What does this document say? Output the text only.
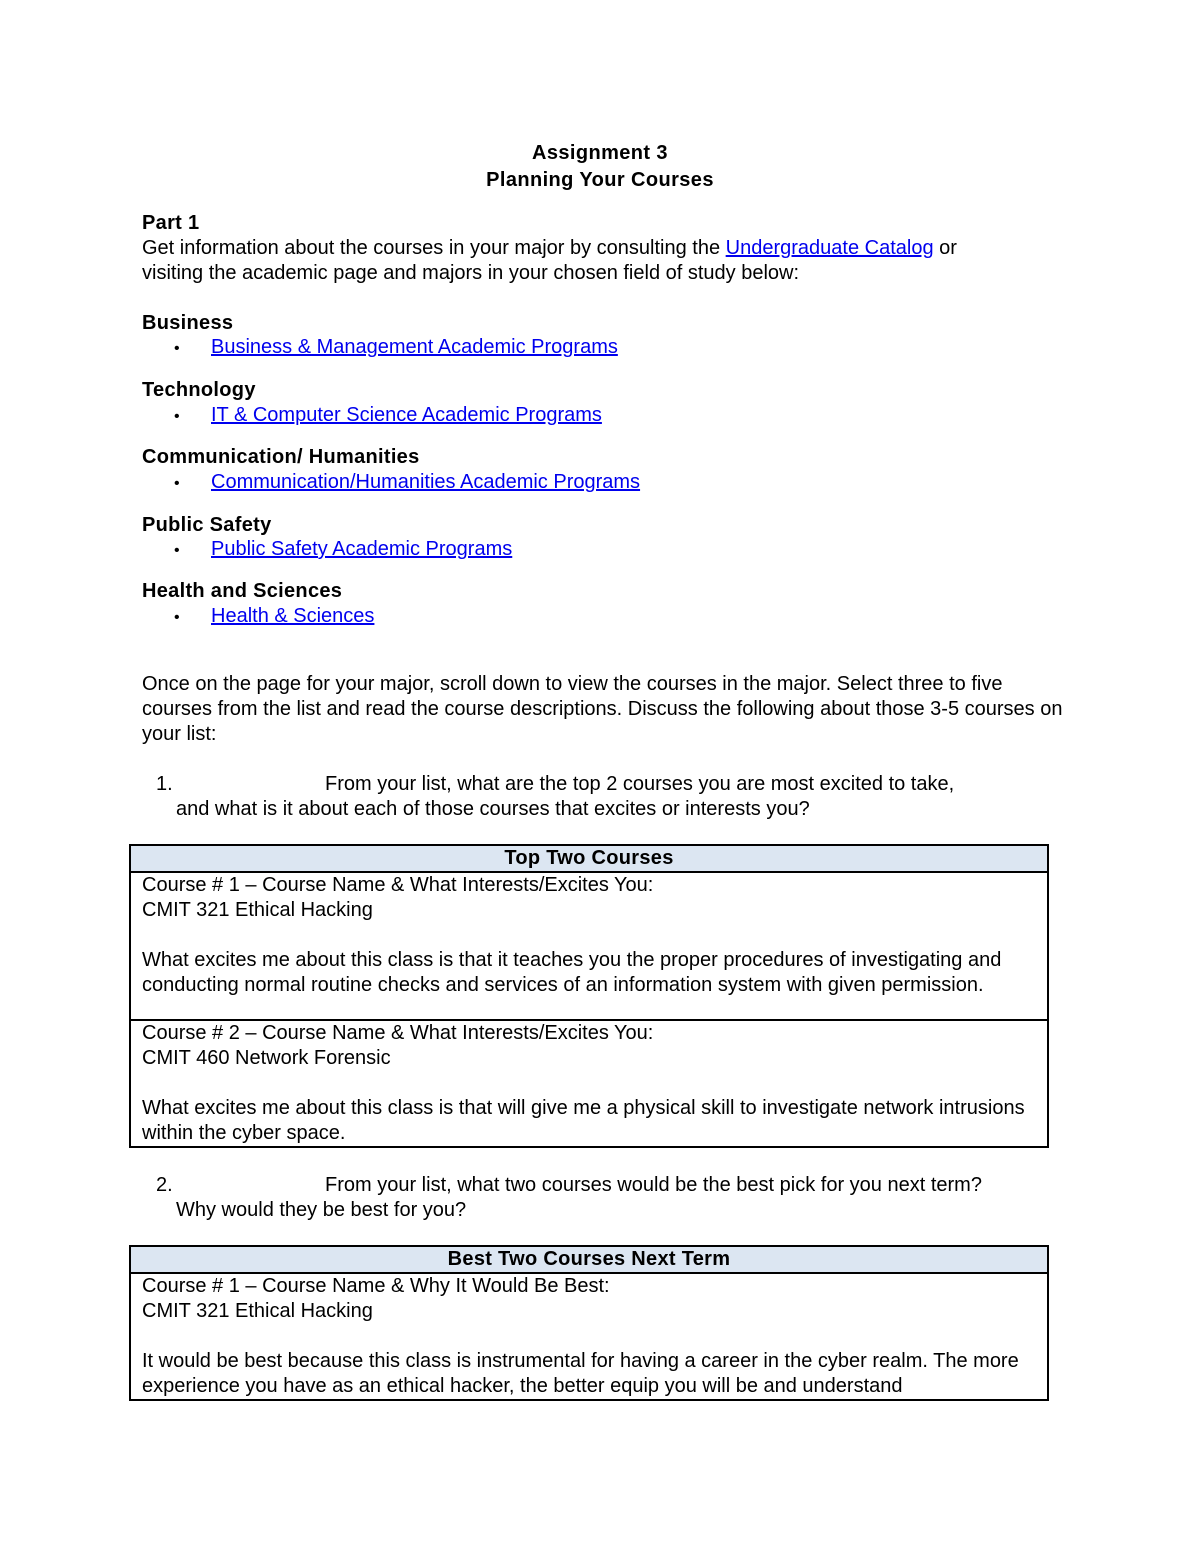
Assignment 3
Planning Your Courses
Part 1
Get information about the courses in your major by consulting the Undergraduate Catalog or
visiting the academic page and majors in your chosen field of study below:
Business
• Business & Management Academic Programs
Technology
• IT & Computer Science Academic Programs
Communication/ Humanities
• Communication/Humanities Academic Programs
Public Safety
• Public Safety Academic Programs
Health and Sciences
• Health & Sciences
Once on the page for your major, scroll down to view the courses in the major. Select three to five courses from the list and read the course descriptions. Discuss the following about those 3-5 courses on your list:
1.	From your list, what are the top 2 courses you are most excited to take,
and what is it about each of those courses that excites or interests you?
Top Two Courses

Course # 1 – Course Name & What Interests/Excites You:

CMIT 321 Ethical Hacking

What excites me about this class is that it teaches you the proper procedures of investigating and conducting normal routine checks and services of an information system with given permission.

Course # 2 – Course Name & What Interests/Excites You:

CMIT 460 Network Forensic

What excites me about this class is that will give me a physical skill to investigate network intrusions within the cyber space.

2.	From your list, what two courses would be the best pick for you next term?
Why would they be best for you?
Best Two Courses Next Term

Course # 1 – Course Name & Why It Would Be Best:

CMIT 321 Ethical Hacking

It would be best because this class is instrumental for having a career in the cyber realm. The more experience you have as an ethical hacker, the better equip you will be and understand
